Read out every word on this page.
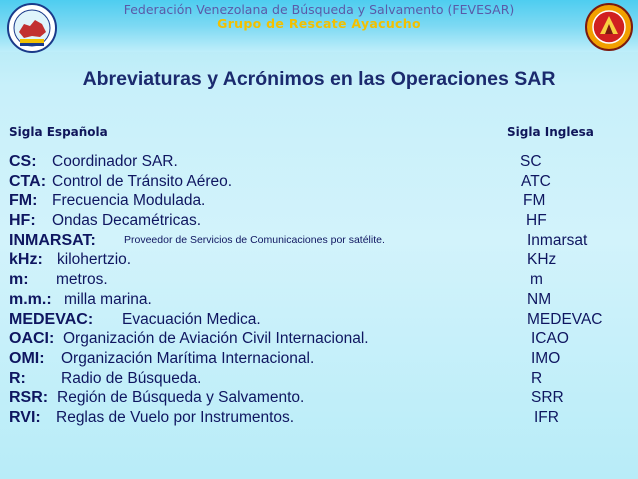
Federación Venezolana de Búsqueda y Salvamento (FEVESAR)
Grupo de Rescate Ayacucho
Abreviaturas y Acrónimos en las Operaciones SAR
Sigla Española	Sigla Inglesa
CS: Coordinador SAR.	SC
CTA: Control de Tránsito Aéreo.	ATC
FM: Frecuencia Modulada.	FM
HF: Ondas Decamétricas.	HF
INMARSAT:	Proveedor de Servicios de Comunicaciones por satélite.	Inmarsat
kHz: kilohertzio.	KHz
m: metros.	m
m.m.: milla marina.	NM
MEDEVAC: Evacuación Medica.	MEDEVAC
OACI: Organización de Aviación Civil Internacional.	ICAO
OMI: Organización Marítima Internacional.	IMO
R: Radio de Búsqueda.	R
RSR: Región de Búsqueda y Salvamento.	SRR
RVI: Reglas de Vuelo por Instrumentos.	IFR
